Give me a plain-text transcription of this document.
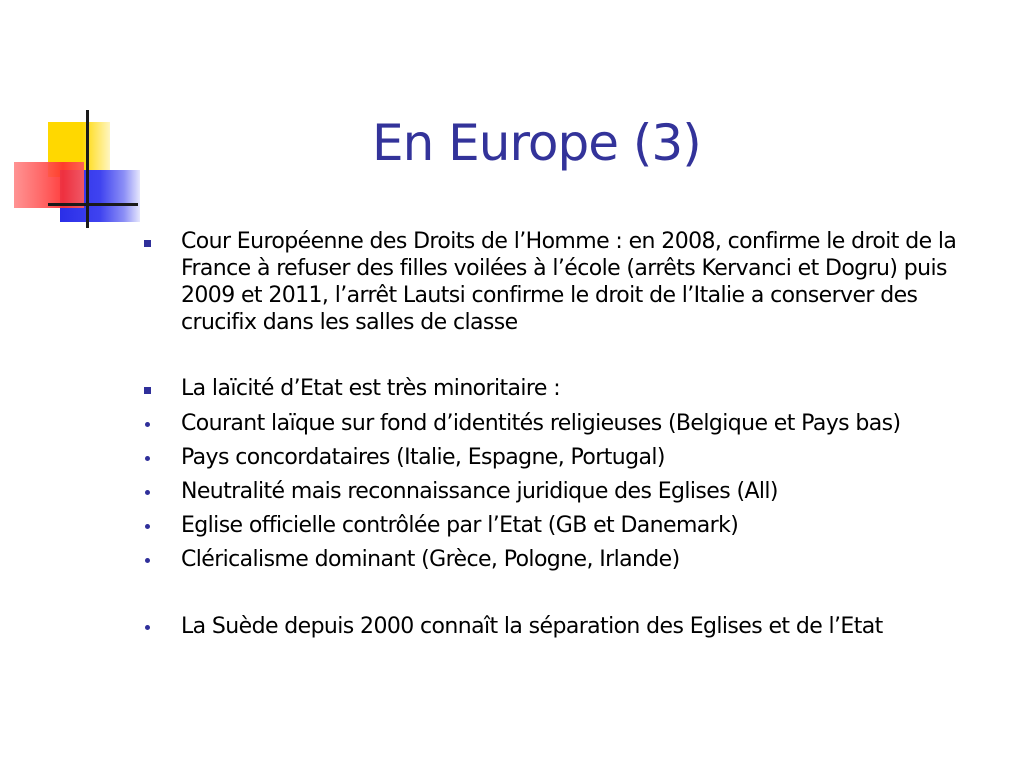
En Europe (3)
Cour Européenne des Droits de l’Homme : en 2008, confirme le droit de la France à refuser des filles voilées à l’école (arrêts Kervanci et Dogru) puis 2009 et 2011, l’arrêt Lautsi confirme le droit de l’Italie a conserver des crucifix dans les salles de classe
La laïcité d’Etat est très minoritaire :
Courant laïque sur fond d’identités religieuses (Belgique et Pays bas)
Pays concordataires (Italie, Espagne, Portugal)
Neutralité mais reconnaissance juridique des Eglises (All)
Eglise officielle contrôlée par l’Etat (GB et Danemark)
Cléricalisme dominant (Grèce, Pologne, Irlande)
La Suède depuis 2000 connaît la séparation des Eglises et de l’Etat
